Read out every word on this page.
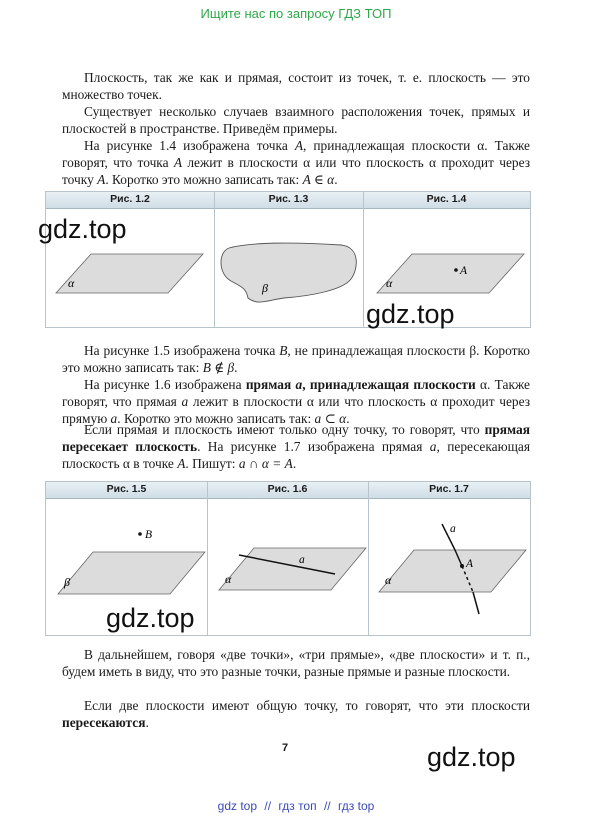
Ищите нас по запросу ГДЗ ТОП

Плоскость, так же как и прямая, состоит из точек, т. е. плоскость — это множество точек.

Существует несколько случаев взаимного расположения точек, прямых и плоскостей в пространстве. Приведём примеры.

На рисунке 1.4 изображена точка A, принадлежащая плоскости α. Также говорят, что точка A лежит в плоскости α или что плоскость α проходит через точку A. Коротко это можно записать так: A ∈ α.

Рис. 1.2	Рис. 1.3	Рис. 1.4
α	β	α
A

На рисунке 1.5 изображена точка B, не принадлежащая плоскости β. Коротко это можно записать так: B ∉ β.

На рисунке 1.6 изображена прямая a, принадлежащая плоскости α. Также говорят, что прямая a лежит в плоскости α или что плоскость α проходит через прямую a. Коротко это можно записать так: a ⊂ α.

Если прямая и плоскость имеют только одну точку, то говорят, что прямая пересекает плоскость. На рисунке 1.7 изображена прямая a, пересекающая плоскость α в точке A. Пишут: a ∩ α = A.

Рис. 1.5	Рис. 1.6	Рис. 1.7
β
B
α
a
α
A
a

В дальнейшем, говоря «две точки», «три прямые», «две плоскости» и т. п., будем иметь в виду, что это разные точки, разные прямые и разные плоскости.

Если две плоскости имеют общую точку, то говорят, что эти плоскости пересекаются.

gdz.top
gdz.top
gdz.top
gdz.top
7
gdz top // гдз топ // гдз top
